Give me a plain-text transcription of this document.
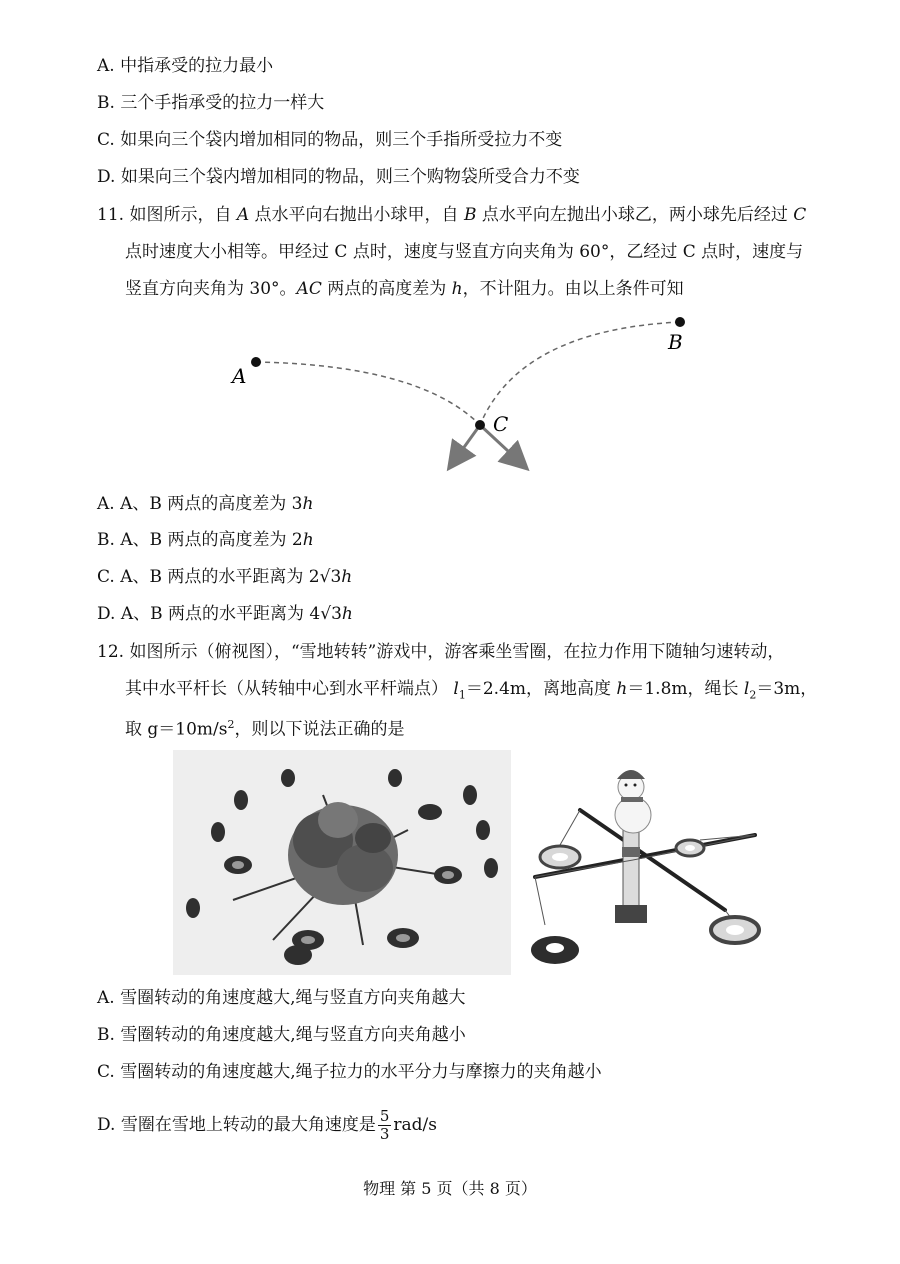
A. 中指承受的拉力最小
B. 三个手指承受的拉力一样大
C. 如果向三个袋内增加相同的物品，则三个手指所受拉力不变
D. 如果向三个袋内增加相同的物品，则三个购物袋所受合力不变
11. 如图所示，自 A 点水平向右抛出小球甲，自 B 点水平向左抛出小球乙，两小球先后经过 C
点时速度大小相等。甲经过 C 点时，速度与竖直方向夹角为 60°，乙经过 C 点时，速度与
竖直方向夹角为 30°。AC 两点的高度差为 h，不计阻力。由以上条件可知
A
B
C
A. A、B 两点的高度差为 3h
B. A、B 两点的高度差为 2h
C. A、B 两点的水平距离为 2√3h
D. A、B 两点的水平距离为 4√3h
12. 如图所示（俯视图），“雪地转转”游戏中，游客乘坐雪圈，在拉力作用下随轴匀速转动，
其中水平杆长（从转轴中心到水平杆端点） $l_1=2.4m$，离地高度 h＝1.8m，绳长 $l_2=3m$，
取 $g=10m/s^2$，则以下说法正确的是
A. 雪圈转动的角速度越大,绳与竖直方向夹角越大
B. 雪圈转动的角速度越大,绳与竖直方向夹角越小
C. 雪圈转动的角速度越大,绳子拉力的水平分力与摩擦力的夹角越小
D. 雪圈在雪地上转动的最大角速度是 $\frac{5}{3} rad/s$
物理 第 5 页（共 8 页）
